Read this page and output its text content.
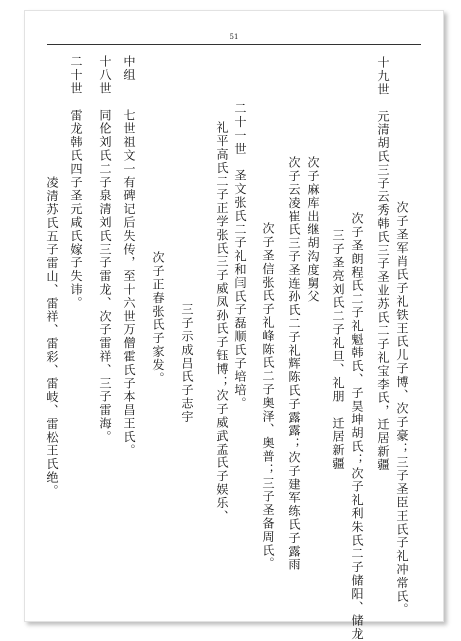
51
十九世　元清胡氏三子云秀韩氏三子圣业苏氏二子礼宝李氏，迁居新疆 次子圣军肖氏子礼铁王氏儿子博、次子豪；三子圣臣王氏子礼冲常氏。
次子圣朗程氏二子礼魁韩氏、子昊坤胡氏；次子礼利朱氏二子储阳、储龙
三子圣亮刘氏二子礼旦、礼朋　迁居新疆
次子麻库出继胡沟度舅父
次子云凌崔氏三子圣连孙氏二子礼辉陈氏子露露；次子建军练氏子露雨
次子圣信张氏子礼峰陈氏二子奥泽、奥普；三子圣备周氏。
二十一世　圣文张氏二子礼和闫氏子磊顺氏子培培。
礼平高氏二子正学张氏三子威凤孙氏子钰博；次子威武孟氏子娱乐、
三子示成吕氏子志宇
次子正春张氏子家发。
中组　　七世祖文一有碑记后失传，至十六世万僧霍氏子本昌王氏。
十八世　同伦刘氏二子泉清刘氏三子雷龙、次子雷祥、三子雷海。
二十世　雷龙韩氏四子圣元咸氏嫁子失讳。
凌清苏氏五子雷山、雷祥、雷彩、雷岐、雷松王氏绝。
